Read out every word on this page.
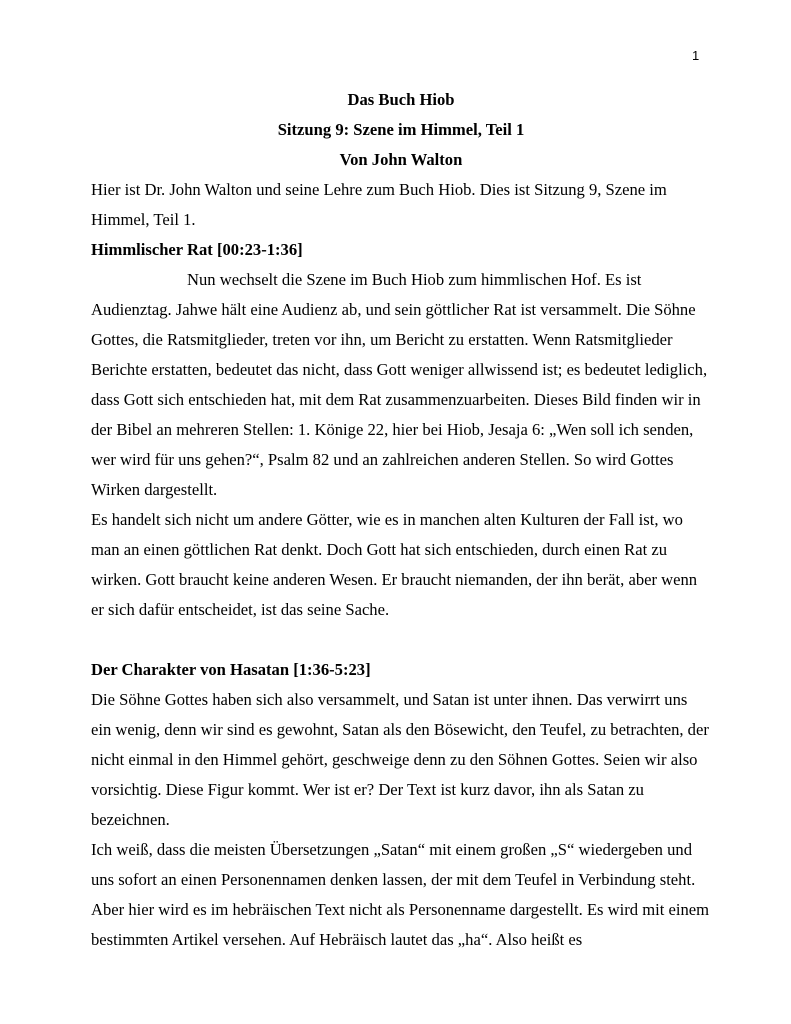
1

Das Buch Hiob

Sitzung 9: Szene im Himmel, Teil 1

Von John Walton

Hier ist Dr. John Walton und seine Lehre zum Buch Hiob. Dies ist Sitzung 9, Szene im Himmel, Teil 1.

Himmlischer Rat [00:23-1:36]

Nun wechselt die Szene im Buch Hiob zum himmlischen Hof. Es ist Audienztag. Jahwe hält eine Audienz ab, und sein göttlicher Rat ist versammelt. Die Söhne Gottes, die Ratsmitglieder, treten vor ihn, um Bericht zu erstatten. Wenn Ratsmitglieder Berichte erstatten, bedeutet das nicht, dass Gott weniger allwissend ist; es bedeutet lediglich, dass Gott sich entschieden hat, mit dem Rat zusammenzuarbeiten. Dieses Bild finden wir in der Bibel an mehreren Stellen: 1. Könige 22, hier bei Hiob, Jesaja 6: „Wen soll ich senden, wer wird für uns gehen?“, Psalm 82 und an zahlreichen anderen Stellen. So wird Gottes Wirken dargestellt.

Es handelt sich nicht um andere Götter, wie es in manchen alten Kulturen der Fall ist, wo man an einen göttlichen Rat denkt. Doch Gott hat sich entschieden, durch einen Rat zu wirken. Gott braucht keine anderen Wesen. Er braucht niemanden, der ihn berät, aber wenn er sich dafür entscheidet, ist das seine Sache.

Der Charakter von Hasatan [1:36-5:23]

Die Söhne Gottes haben sich also versammelt, und Satan ist unter ihnen. Das verwirrt uns ein wenig, denn wir sind es gewohnt, Satan als den Bösewicht, den Teufel, zu betrachten, der nicht einmal in den Himmel gehört, geschweige denn zu den Söhnen Gottes. Seien wir also vorsichtig. Diese Figur kommt. Wer ist er? Der Text ist kurz davor, ihn als Satan zu bezeichnen.

Ich weiß, dass die meisten Übersetzungen „Satan“ mit einem großen „S“ wiedergeben und uns sofort an einen Personennamen denken lassen, der mit dem Teufel in Verbindung steht. Aber hier wird es im hebräischen Text nicht als Personenname dargestellt. Es wird mit einem bestimmten Artikel versehen. Auf Hebräisch lautet das „ha“. Also heißt es
